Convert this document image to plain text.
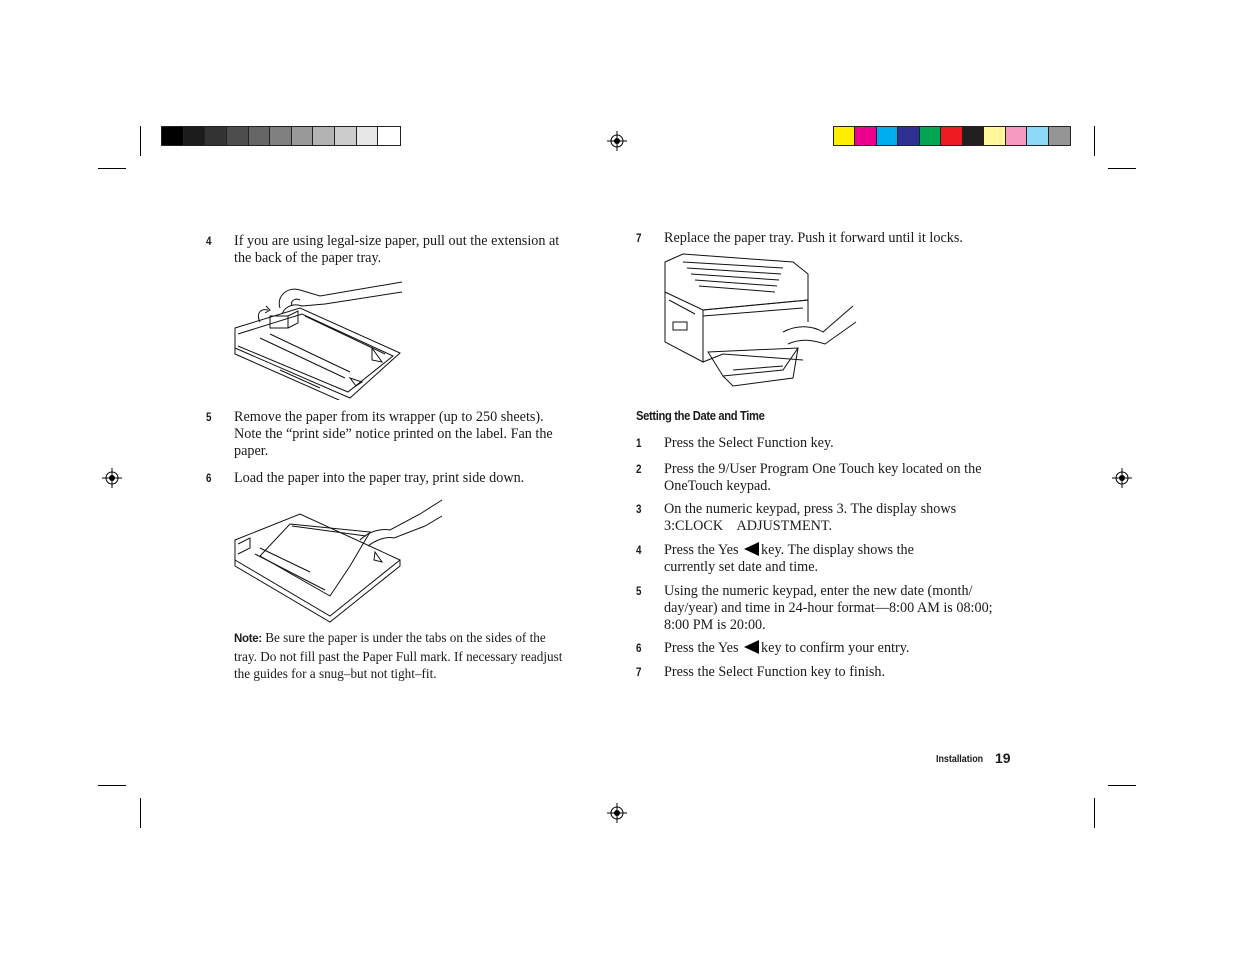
4 If you are using legal-size paper, pull out the extension at
the back of the paper tray.
5 Remove the paper from its wrapper (up to 250 sheets).
Note the “print side” notice printed on the label. Fan the
paper.
6 Load the paper into the paper tray, print side down.
Note: Be sure the paper is under the tabs on the sides of the
tray. Do not fill past the Paper Full mark. If necessary readjust
the guides for a snug–but not tight–fit.
7 Replace the paper tray. Push it forward until it locks.
Setting the Date and Time
1 Press the Select Function key.
2 Press the 9/User Program One Touch key located on the
OneTouch keypad.
3 On the numeric keypad, press 3. The display shows
3:CLOCK    ADJUSTMENT.
4 Press the Yes key. The display shows the
currently set date and time.
5 Using the numeric keypad, enter the new date (month/
day/year) and time in 24-hour format—8:00 AM is 08:00;
8:00 PM is 20:00.
6 Press the Yes key to confirm your entry.
7 Press the Select Function key to finish.
Installation 19
